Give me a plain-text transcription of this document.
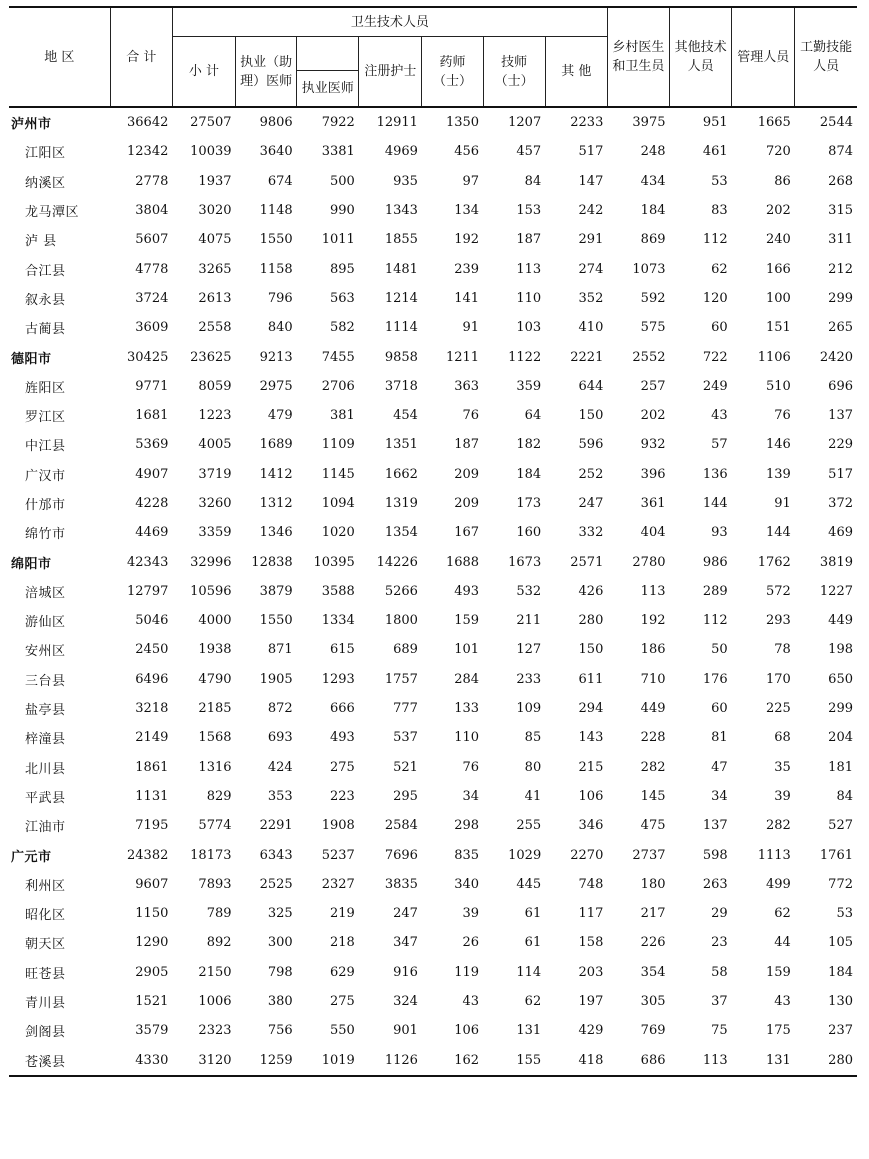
地 区	合 计	卫生技术人员							乡村医生和卫生员	其他技术人员	管理人员	工勤技能人员
		小 计	执业（助理）医师		注册护士	药师（士）	技师（士）	其 他				
				执业医师								
泸州市	36642	27507	9806	7922	12911	1350	1207	2233	3975	951	1665	2544
江阳区	12342	10039	3640	3381	4969	456	457	517	248	461	720	874
纳溪区	2778	1937	674	500	935	97	84	147	434	53	86	268
龙马潭区	3804	3020	1148	990	1343	134	153	242	184	83	202	315
泸 县	5607	4075	1550	1011	1855	192	187	291	869	112	240	311
合江县	4778	3265	1158	895	1481	239	113	274	1073	62	166	212
叙永县	3724	2613	796	563	1214	141	110	352	592	120	100	299
古蔺县	3609	2558	840	582	1114	91	103	410	575	60	151	265
德阳市	30425	23625	9213	7455	9858	1211	1122	2221	2552	722	1106	2420
旌阳区	9771	8059	2975	2706	3718	363	359	644	257	249	510	696
罗江区	1681	1223	479	381	454	76	64	150	202	43	76	137
中江县	5369	4005	1689	1109	1351	187	182	596	932	57	146	229
广汉市	4907	3719	1412	1145	1662	209	184	252	396	136	139	517
什邡市	4228	3260	1312	1094	1319	209	173	247	361	144	91	372
绵竹市	4469	3359	1346	1020	1354	167	160	332	404	93	144	469
绵阳市	42343	32996	12838	10395	14226	1688	1673	2571	2780	986	1762	3819
涪城区	12797	10596	3879	3588	5266	493	532	426	113	289	572	1227
游仙区	5046	4000	1550	1334	1800	159	211	280	192	112	293	449
安州区	2450	1938	871	615	689	101	127	150	186	50	78	198
三台县	6496	4790	1905	1293	1757	284	233	611	710	176	170	650
盐亭县	3218	2185	872	666	777	133	109	294	449	60	225	299
梓潼县	2149	1568	693	493	537	110	85	143	228	81	68	204
北川县	1861	1316	424	275	521	76	80	215	282	47	35	181
平武县	1131	829	353	223	295	34	41	106	145	34	39	84
江油市	7195	5774	2291	1908	2584	298	255	346	475	137	282	527
广元市	24382	18173	6343	5237	7696	835	1029	2270	2737	598	1113	1761
利州区	9607	7893	2525	2327	3835	340	445	748	180	263	499	772
昭化区	1150	789	325	219	247	39	61	117	217	29	62	53
朝天区	1290	892	300	218	347	26	61	158	226	23	44	105
旺苍县	2905	2150	798	629	916	119	114	203	354	58	159	184
青川县	1521	1006	380	275	324	43	62	197	305	37	43	130
剑阁县	3579	2323	756	550	901	106	131	429	769	75	175	237
苍溪县	4330	3120	1259	1019	1126	162	155	418	686	113	131	280
